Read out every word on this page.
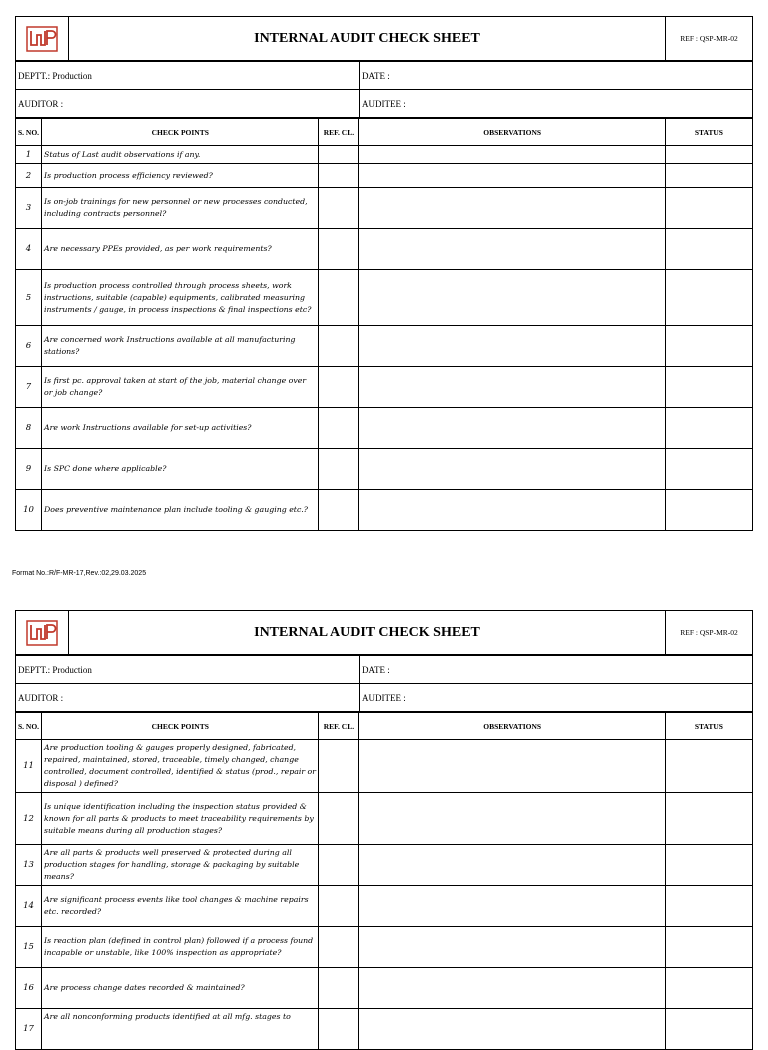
	INTERNAL AUDIT CHECK SHEET	REF : QSP-MR-02
DEPTT.: Production	DATE :
AUDITOR :	AUDITEE :
S. NO.	CHECK POINTS	REF. CL.	OBSERVATIONS	STATUS
1	Status of Last audit observations if any.			
2	Is production process efficiency reviewed?			
3	Is on-job trainings for new personnel or new processes conducted, including contracts personnel?			
4	Are necessary PPEs provided, as per work requirements?			
5	Is production process controlled through process sheets, work instructions, suitable (capable) equipments, calibrated measuring instruments / gauge, in process inspections & final inspections etc?			
6	Are concerned work Instructions available at all manufacturing stations?			
7	Is first pc. approval taken at start of the job, material change over or job change?			
8	Are work Instructions available for set-up activities?			
9	Is SPC done where applicable?			
10	Does preventive maintenance plan include tooling & gauging etc.?			
Format No.:R/F-MR-17,Rev.:02,29.03.2025
	INTERNAL AUDIT CHECK SHEET	REF : QSP-MR-02
DEPTT.: Production	DATE :
AUDITOR :	AUDITEE :
S. NO.	CHECK POINTS	REF. CL.	OBSERVATIONS	STATUS
11	Are production tooling & gauges properly designed, fabricated, repaired, maintained, stored, traceable, timely changed, change controlled, document controlled, identified & status (prod., repair or disposal ) defined?			
12	Is unique identification including the inspection status provided & known for all parts & products to meet traceability requirements by suitable means during all production stages?			
13	Are all parts & products well preserved & protected during all production stages for handling, storage & packaging by suitable means?			
14	Are significant process events like tool changes & machine repairs etc. recorded?			
15	Is reaction plan (defined in control plan) followed if a process found incapable or unstable, like 100% inspection as appropriate?			
16	Are process change dates recorded & maintained?			
17	Are all nonconforming products identified at all mfg. stages to			
